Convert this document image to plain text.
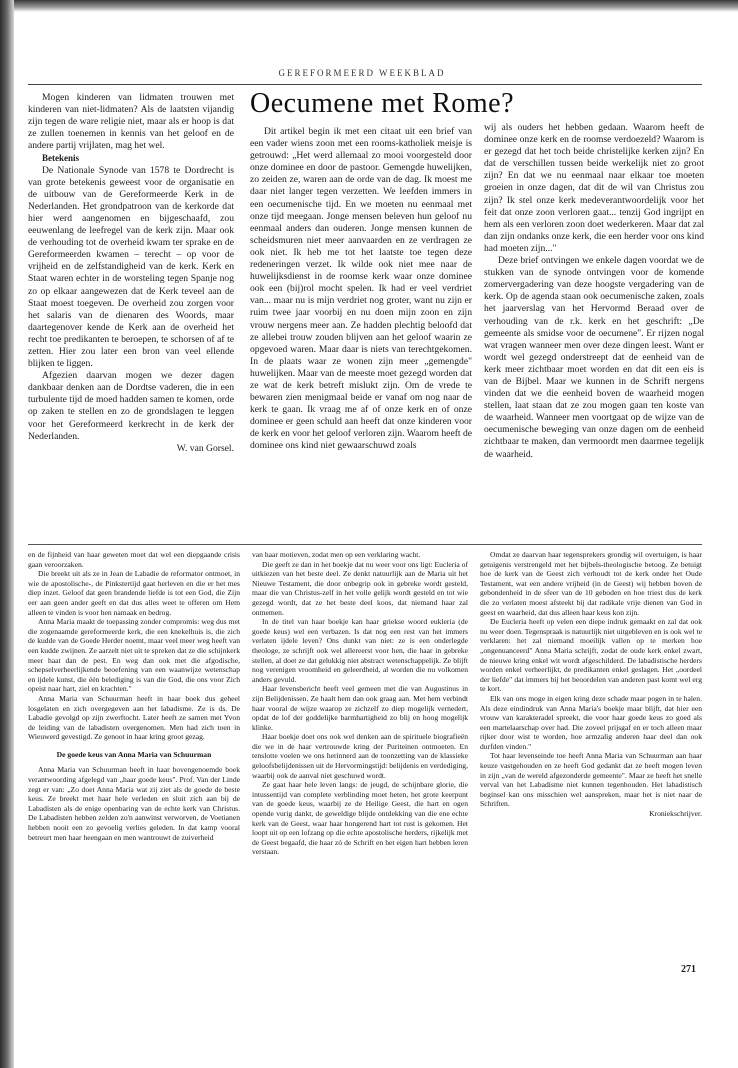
GEREFORMEERD WEEKBLAD

Mogen kinderen van lidmaten trouwen met kinderen van niet-lidmaten? Als de laatsten vijandig zijn tegen de ware religie niet, maar als er hoop is dat ze zullen toenemen in kennis van het geloof en de andere partij vrijlaten, mag het wel.

Betekenis

De Nationale Synode van 1578 te Dordrecht is van grote betekenis geweest voor de organisatie en de uitbouw van de Gereformeerde Kerk in de Nederlanden. Het grondpatroon van de kerkorde dat hier werd aangenomen en bijgeschaafd, zou eeuwenlang de leefregel van de kerk zijn. Maar ook de verhouding tot de overheid kwam ter sprake en de Gereformeerden kwamen – terecht – op voor de vrijheid en de zelfstandigheid van de kerk. Kerk en Staat waren echter in de worsteling tegen Spanje nog zo op elkaar aangewezen dat de Kerk teveel aan de Staat moest toegeven. De overheid zou zorgen voor het salaris van de dienaren des Woords, maar daartegenover kende de Kerk aan de overheid het recht toe predikanten te beroepen, te schorsen of af te zetten. Hier zou later een bron van veel ellende blijken te liggen.

Afgezien daarvan mogen we dezer dagen dankbaar denken aan de Dordtse vaderen, die in een turbulente tijd de moed hadden samen te komen, orde op zaken te stellen en zo de grondslagen te leggen voor het Gereformeerd kerkrecht in de kerk der Nederlanden.

W. van Gorsel.

Oecumene met Rome?

Dit artikel begin ik met een citaat uit een brief van een vader wiens zoon met een rooms-katholiek meisje is getrouwd: „Het werd allemaal zo mooi voorgesteld door onze dominee en door de pastoor. Gemengde huwelijken, zo zeiden ze, waren aan de orde van de dag. Ik moest me daar niet langer tegen verzetten. We leefden immers in een oecumenische tijd. En we moeten nu eenmaal met onze tijd meegaan. Jonge mensen beleven hun geloof nu eenmaal anders dan ouderen. Jonge mensen kunnen de scheidsmuren niet meer aanvaarden en ze verdragen ze ook niet. Ik heb me tot het laatste toe tegen deze redeneringen verzet. Ik wilde ook niet mee naar de huwelijksdienst in de roomse kerk waar onze dominee ook een (bij)rol mocht spelen. Ik had er veel verdriet van... maar nu is mijn verdriet nog groter, want nu zijn er ruim twee jaar voorbij en nu doen mijn zoon en zijn vrouw nergens meer aan. Ze hadden plechtig beloofd dat ze allebei trouw zouden blijven aan het geloof waarin ze opgevoed waren. Maar daar is niets van terechtgekomen. In de plaats waar ze wonen zijn meer „gemengde" huwelijken. Maar van de meeste moet gezegd worden dat ze wat de kerk betreft mislukt zijn. Om de vrede te bewaren zien menigmaal beide er vanaf om nog naar de kerk te gaan. Ik vraag me af of onze kerk en of onze dominee er geen schuld aan heeft dat onze kinderen voor de kerk en voor het geloof verloren zijn. Waarom heeft de dominee ons kind niet gewaarschuwd zoals

wij als ouders het hebben gedaan. Waarom heeft de dominee onze kerk en de roomse verdoezeld? Waarom is er gezegd dat het toch beide christelijke kerken zijn? En dat de verschillen tussen beide werkelijk niet zo groot zijn? En dat we nu eenmaal naar elkaar toe moeten groeien in onze dagen, dat dit de wil van Christus zou zijn? Ik stel onze kerk medeverantwoordelijk voor het feit dat onze zoon verloren gaat... tenzij God ingrijpt en hem als een verloren zoon doet wederkeren. Maar dat zal dan zijn ondanks onze kerk, die een herder voor ons kind had moeten zijn..."

Deze brief ontvingen we enkele dagen voordat we de stukken van de synode ontvingen voor de komende zomervergadering van deze hoogste vergadering van de kerk. Op de agenda staan ook oecumenische zaken, zoals het jaarverslag van het Hervormd Beraad over de verhouding van de r.k. kerk en het geschrift: „De gemeente als smidse voor de oecumene". Er rijzen nogal wat vragen wanneer men over deze dingen leest. Want er wordt wel gezegd onderstreept dat de eenheid van de kerk meer zichtbaar moet worden en dat dit een eis is van de Bijbel. Maar we kunnen in de Schrift nergens vinden dat we die eenheid boven de waarheid mogen stellen, laat staan dat ze zou mogen gaan ten koste van de waarheid. Wanneer men voortgaat op de wijze van de oecumenische beweging van onze dagen om de eenheid zichtbaar te maken, dan vermoordt men daarmee tegelijk de waarheid.

en de fijnheid van haar geweten moet dat wel een diepgaande crisis gaan veroorzaken.

Die breekt uit als ze in Jean de Labadie de reformator ontmoet, in wie de apostolische-, de Pinkstertijd gaat herleven en die er het mes diep inzet. Geloof dat geen brandende liefde is tot een God, die Zijn eer aan geen ander geeft en dat dus alles weet te offeren om Hem alleen te vinden is voor hen namaak en bedrog.

Anna Maria maakt de toepassing zonder compromis: weg dus met die zogenaamde gereformeerde kerk, die een knekelhuis is, die zich de kudde van de Goede Herder noemt, maar veel meer weg heeft van een kudde zwijnen. Ze aarzelt niet uit te spreken dat ze die schijnkerk meer haat dan de pest. En weg dan ook met die afgodische, schepselverheerlijkende beoefening van een waanwijze wetenschap en ijdele kunst, die één belediging is van die God, die ons voor Zich opeist naar hart, ziel en krachten."

Anna Maria van Schuurman heeft in haar boek dus geheel losgelaten en zich overgegeven aan het labadisme. Ze is ds. De Labadie gevolgd op zijn zwerftocht. Later heeft ze samen met Yvon de leiding van de labadisten overgenomen. Men had zich toen in Wieuwerd gevestigd. Ze genoot in haar kring groot gezag.

De goede keus van Anna Maria van Schuurman

Anna Maria van Schuurman heeft in haar bovengenoemde boek verantwoording afgelegd van „haar goede keus". Prof. Van der Linde zegt er van: „Zo doet Anna Maria wat zij ziet als de goede de beste keus. Ze breekt met haar hele verleden en sluit zich aan bij de Labadisten als de enige openbaring van de echte kerk van Christus. De Labadisten hebben zelden zo'n aanwinst verworven, de Voetianen hebben nooit een zo gevoelig verlies geleden. In dat kamp vooral betreurt men haar heengaan en men wantrouwt de zuiverheid

van haar motieven, zodat men op een verklaring wacht.

Die geeft ze dan in het boekje dat nu weer voor ons ligt: Eucleria of uitkiezen van het beste deel. Ze denkt natuurlijk aan de Maria uit het Nieuwe Testament, die door onbegrip ook in gebreke wordt gesteld, maar die van Christus-zelf in het volle gelijk wordt gesteld en tot wie gezegd wordt, dat ze het beste deel koos, dat niemand haar zal ontnemen.

In de titel van haar boekje kan haar griekse woord eukleria (de goede keus) wel een verbazen. Is dat nog een rest van het immers verlaten ijdele leven? Ons dunkt van niet: ze is een onderlegde theologe, ze schrijft ook wel allereerst voor hen, die haar in gebreke stellen, al doet ze dat gelukkig niet abstract wetenschappelijk. Ze blijft nog verenigen vroomheid en geleerdheid, al worden die nu volkomen anders gevuld.

Haar levensbericht heeft veel gemeen met die van Augustinus in zijn Belijdenissen. Ze haalt hem dan ook graag aan. Met hem verbindt haar vooral de wijze waarop ze zichzelf zo diep mogelijk vernedert, opdat de lof der goddelijke barmhartigheid zo blij en hoog mogelijk klinke.

Haar boekje doet ons ook wel denken aan de spirituele biografieën die we in de haar vertrouwde kring der Puriteinen ontmoeten. En tenslotte voelen we ons herinnerd aan de toonzetting van de klassieke geloofsbelijdenissen uit de Hervormingstijd: belijdenis en verdediging, waarbij ook de aanval niet geschuwd wordt.

Ze gaat haar hele leven langs: de jeugd, de schijnbare glorie, die intussentijd van complete verblinding moet heten, het grote keerpunt van de goede keus, waarbij ze de Heilige Geest, die hart en ogen opende vurig dankt, de geweldige blijde ontdekking van die ene echte kerk van de Geest, waar haar hongerend hart tot rust is gekomen. Het loopt uit op een lofzang op die echte apostolische herders, rijkelijk met de Geest begaafd, die haar zó de Schrift en het eigen hart hebben leren verstaan.

Omdat ze daarvan haar tegensprekers grondig wil overtuigen, is haar getuigenis verstrengeld met het bijbels-theologische betoog. Ze betuigt hoe de kerk van de Geest zich verhoudt tot de kerk onder het Oude Testament, wat een andere vrijheid (in de Geest) wij hebben boven de gebondenheid in de sfeer van de 10 geboden en hoe triest dus de kerk die zo verlaten moest afsteekt bij dat radikale vrije dienen van God in geest en waarheid, dat dus alleen haar keus kon zijn.

De Eucleria heeft op velen een diepe indruk gemaakt en zal dat ook nu weer doen. Tegenspraak is natuurlijk niet uitgebleven en is ook wel te verklaren: het zal niemand moeilijk vallen op te merken hoe „ongenuanceerd" Anna Maria schrijft, zodat de oude kerk enkel zwart, de nieuwe kring enkel wit wordt afgeschilderd. De labadistische herders worden enkel verheerlijkt, de predikanten enkel geslagen. Het „oordeel der liefde" dat immers bij het beoordelen van anderen past komt wel erg te kort.

Elk van ons moge in eigen kring deze schade maar pogen in te halen. Als deze eindindruk van Anna Maria's boekje maar blijft, dat hier een vrouw van karakteradel spreekt, die voor haar goede keus zo goed als een martelaarschap over had. Die zoveel prijsgaf en er toch alleen maar rijker door wist te worden, hoe armzalig anderen haar deel dan ook durfden vinden."

Tot haar levenseinde toe heeft Anna Maria van Schuurman aan haar keuze vastgehouden en ze heeft God gedankt dat ze heeft mogen leven in zijn „van de wereld afgezonderde gemeente". Maar ze heeft het snelle verval van het Labadisme niet kunnen tegenhouden. Het labadistisch beginsel kan ons misschien wel aanspreken, maar het is niet naar de Schriften.

Kroniekschrijver.

271
